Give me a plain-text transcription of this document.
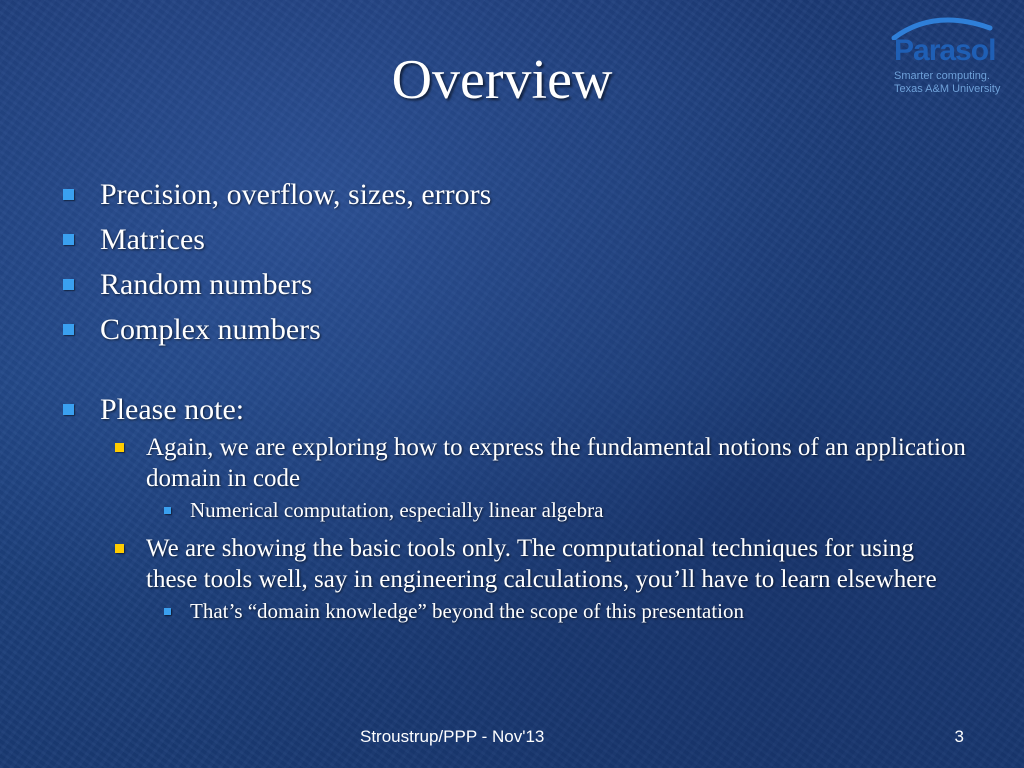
Overview	Parasol
Smarter computing.
Texas A&M University
Precision, overflow, sizes, errors
Matrices
Random numbers
Complex numbers
Please note:
Again, we are exploring how to express the fundamental notions of an application domain in code
Numerical computation, especially linear algebra
We are showing the basic tools only. The computational techniques for using these tools well, say in engineering calculations, you’ll have to learn elsewhere
That’s “domain knowledge” beyond the scope of this presentation
Stroustrup/PPP - Nov'13	3
